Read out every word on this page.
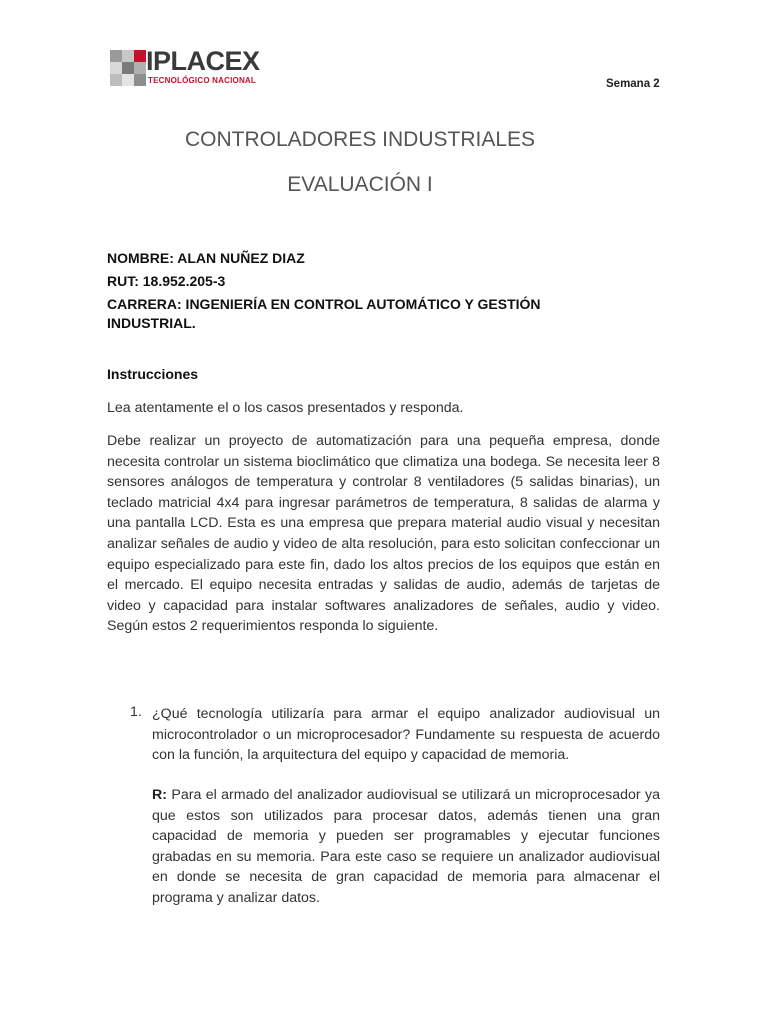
IPLACEX
TECNOLÓGICO NACIONAL	Semana 2
CONTROLADORES INDUSTRIALES
EVALUACIÓN I
NOMBRE: ALAN NUÑEZ DIAZ
RUT: 18.952.205-3
CARRERA: INGENIERÍA EN CONTROL AUTOMÁTICO Y GESTIÓN INDUSTRIAL.
Instrucciones
Lea atentamente el o los casos presentados y responda.
Debe realizar un proyecto de automatización para una pequeña empresa, donde necesita controlar un sistema bioclimático que climatiza una bodega. Se necesita leer 8 sensores análogos de temperatura y controlar 8 ventiladores (5 salidas binarias), un teclado matricial 4x4 para ingresar parámetros de temperatura, 8 salidas de alarma y una pantalla LCD. Esta es una empresa que prepara material audio visual y necesitan analizar señales de audio y video de alta resolución, para esto solicitan confeccionar un equipo especializado para este fin, dado los altos precios de los equipos que están en el mercado. El equipo necesita entradas y salidas de audio, además de tarjetas de video y capacidad para instalar softwares analizadores de señales, audio y video. Según estos 2 requerimientos responda lo siguiente.
1. ¿Qué tecnología utilizaría para armar el equipo analizador audiovisual un microcontrolador o un microprocesador? Fundamente su respuesta de acuerdo con la función, la arquitectura del equipo y capacidad de memoria.
R: Para el armado del analizador audiovisual se utilizará un microprocesador ya que estos son utilizados para procesar datos, además tienen una gran capacidad de memoria y pueden ser programables y ejecutar funciones grabadas en su memoria. Para este caso se requiere un analizador audiovisual en donde se necesita de gran capacidad de memoria para almacenar el programa y analizar datos.
